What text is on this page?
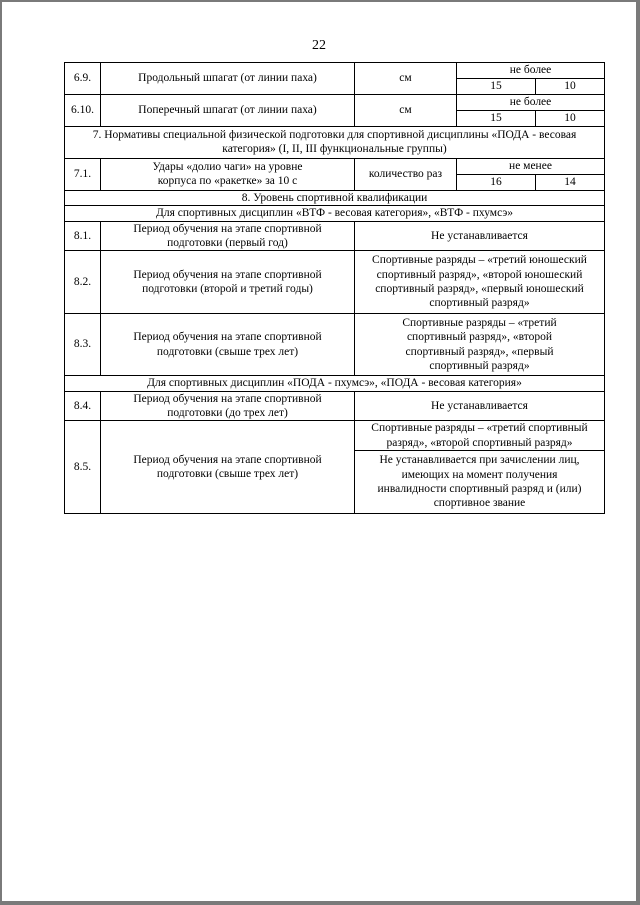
22
6.9.	Продольный шпагат (от линии паха)	см	не более	
			15	10
6.10.	Поперечный шпагат (от линии паха)	см	не более	
			15	10
7. Нормативы специальной физической подготовки для спортивной дисциплины «ПОДА - весовая категория» (I, II, III функциональные группы)				
7.1.	Удары «долио чаги» на уровне корпуса по «ракетке» за 10 с	количество раз	не менее	
			16	14
8. Уровень спортивной квалификации				
Для спортивных дисциплин «ВТФ - весовая категория», «ВТФ - пхумсэ»				
8.1.	Период обучения на этапе спортивной подготовки (первый год)	Не устанавливается		
8.2.	Период обучения на этапе спортивной подготовки (второй и третий годы)	Спортивные разряды – «третий юношеский спортивный разряд», «второй юношеский спортивный разряд», «первый юношеский спортивный разряд»		
8.3.	Период обучения на этапе спортивной подготовки (свыше трех лет)	Спортивные разряды – «третий спортивный разряд», «второй спортивный разряд», «первый спортивный разряд»		
Для спортивных дисциплин «ПОДА - пхумсэ», «ПОДА - весовая категория»				
8.4.	Период обучения на этапе спортивной подготовки (до трех лет)	Не устанавливается		
8.5.	Период обучения на этапе спортивной подготовки (свыше трех лет)	Спортивные разряды – «третий спортивный разряд», «второй спортивный разряд»		
		Не устанавливается при зачислении лиц, имеющих на момент получения инвалидности спортивный разряд и (или) спортивное звание		
